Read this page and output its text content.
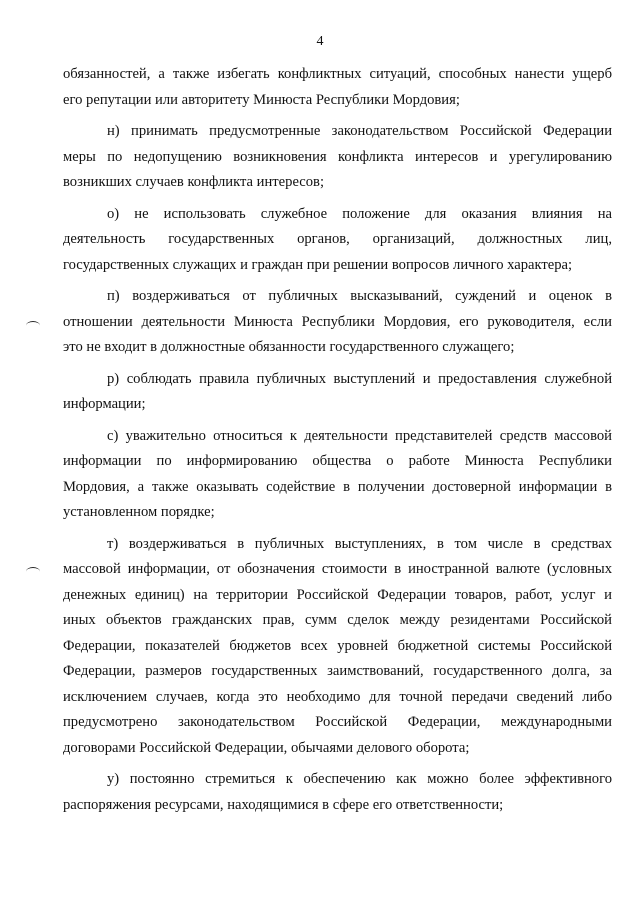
4
обязанностей, а также избегать конфликтных ситуаций, способных нанести ущерб
его репутации или авторитету Минюста Республики Мордовия;
н) принимать предусмотренные законодательством Российской Федерации
меры по недопущению возникновения конфликта интересов и урегулированию
возникших случаев конфликта интересов;
о) не использовать служебное положение для оказания влияния на
деятельность государственных органов, организаций, должностных лиц,
государственных служащих и граждан при решении вопросов личного характера;
п) воздерживаться от публичных высказываний, суждений и оценок в
отношении деятельности Минюста Республики Мордовия, его руководителя, если
это не входит в должностные обязанности государственного служащего;
р) соблюдать правила публичных выступлений и предоставления служебной
информации;
с) уважительно относиться к деятельности представителей средств массовой
информации по информированию общества о работе Минюста Республики
Мордовия, а также оказывать содействие в получении достоверной информации в
установленном порядке;
т) воздерживаться в публичных выступлениях, в том числе в средствах
массовой информации, от обозначения стоимости в иностранной валюте (условных
денежных единиц) на территории Российской Федерации товаров, работ, услуг и
иных объектов гражданских прав, сумм сделок между резидентами Российской
Федерации, показателей бюджетов всех уровней бюджетной системы Российской
Федерации, размеров государственных заимствований, государственного долга, за
исключением случаев, когда это необходимо для точной передачи сведений либо
предусмотрено законодательством Российской Федерации, международными
договорами Российской Федерации, обычаями делового оборота;
у) постоянно стремиться к обеспечению как можно более эффективного
распоряжения ресурсами, находящимися в сфере его ответственности;
